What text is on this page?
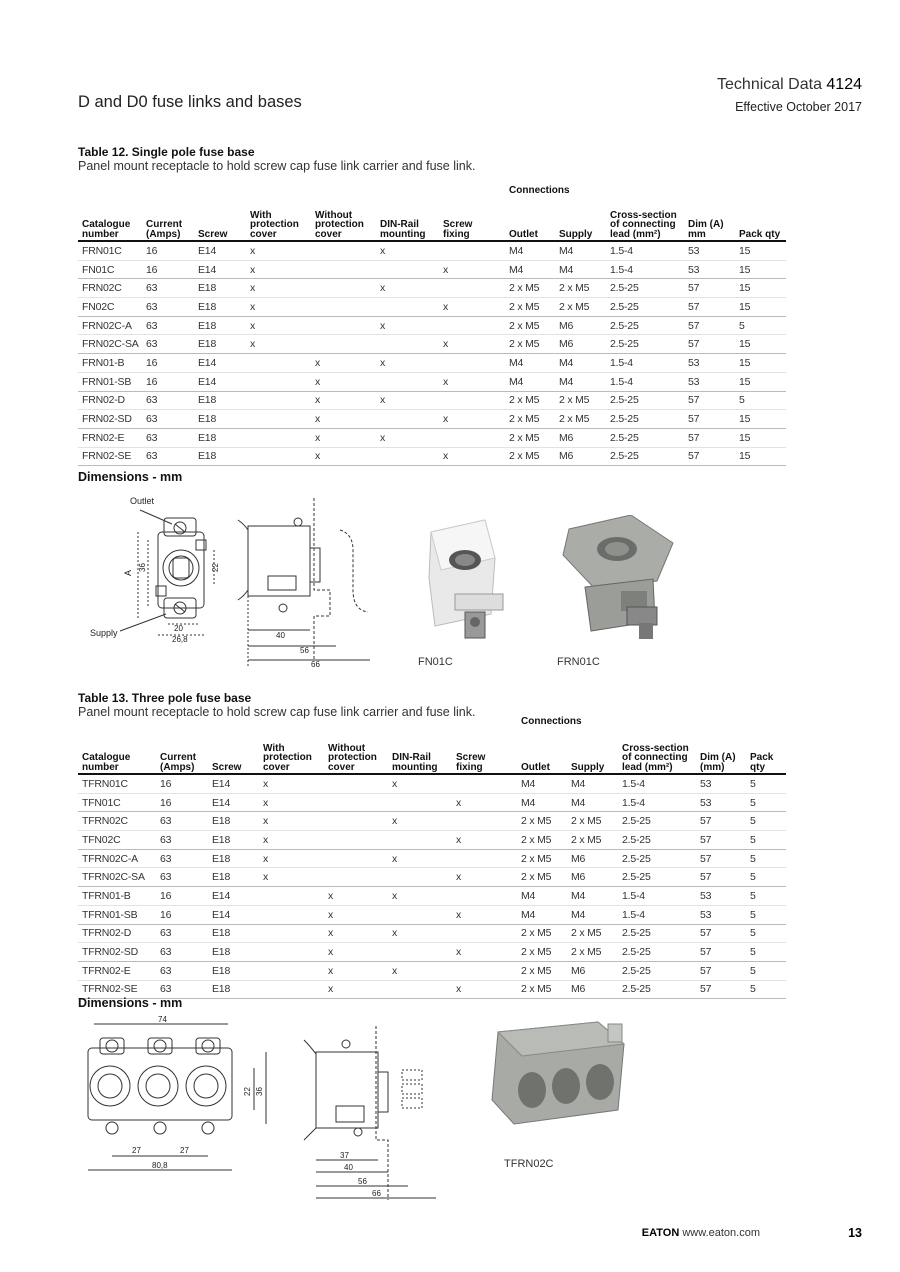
D and D0 fuse links and bases
Technical Data 4124
Effective October 2017
Table 12. Single pole fuse base
Panel mount receptacle to hold screw cap fuse link carrier and fuse link.
							Connections				
Catalogue number	Current (Amps)	Screw	With protection cover	Without protection cover	DIN-Rail mounting	Screw fixing	Outlet	Supply	Cross-section of connecting lead (mm²)	Dim (A) mm	Pack qty
FRN01C	16	E14	x		x		M4	M4	1.5-4	53	15
FN01C	16	E14	x			x	M4	M4	1.5-4	53	15
FRN02C	63	E18	x		x		2 x M5	2 x M5	2.5-25	57	15
FN02C	63	E18	x			x	2 x M5	2 x M5	2.5-25	57	15
FRN02C-A	63	E18	x		x		2 x M5	M6	2.5-25	57	5
FRN02C-SA	63	E18	x			x	2 x M5	M6	2.5-25	57	15
FRN01-B	16	E14		x	x		M4	M4	1.5-4	53	15
FRN01-SB	16	E14		x		x	M4	M4	1.5-4	53	15
FRN02-D	63	E18		x	x		2 x M5	2 x M5	2.5-25	57	5
FRN02-SD	63	E18		x		x	2 x M5	2 x M5	2.5-25	57	15
FRN02-E	63	E18		x	x		2 x M5	M6	2.5-25	57	15
FRN02-SE	63	E18		x		x	2 x M5	M6	2.5-25	57	15
Dimensions - mm
Outlet
Supply
A
36	22
20
26,8	40
56
66	FN01C	FRN01C
Table 13. Three pole fuse base
Panel mount receptacle to hold screw cap fuse link carrier and fuse link.
							Connections				
Catalogue number	Current (Amps)	Screw	With protection cover	Without protection cover	DIN-Rail mounting	Screw fixing	Outlet	Supply	Cross-section of connecting lead (mm²)	Dim (A) (mm)	Pack qty
TFRN01C	16	E14	x		x		M4	M4	1.5-4	53	5
TFN01C	16	E14	x			x	M4	M4	1.5-4	53	5
TFRN02C	63	E18	x		x		2 x M5	2 x M5	2.5-25	57	5
TFN02C	63	E18	x			x	2 x M5	2 x M5	2.5-25	57	5
TFRN02C-A	63	E18	x		x		2 x M5	M6	2.5-25	57	5
TFRN02C-SA	63	E18	x			x	2 x M5	M6	2.5-25	57	5
TFRN01-B	16	E14		x	x		M4	M4	1.5-4	53	5
TFRN01-SB	16	E14		x		x	M4	M4	1.5-4	53	5
TFRN02-D	63	E18		x	x		2 x M5	2 x M5	2.5-25	57	5
TFRN02-SD	63	E18		x		x	2 x M5	2 x M5	2.5-25	57	5
TFRN02-E	63	E18		x	x		2 x M5	M6	2.5-25	57	5
TFRN02-SE	63	E18		x		x	2 x M5	M6	2.5-25	57	5
Dimensions - mm
74
27	27
80,8
22 36
37
40
56
66
TFRN02C
EATON www.eaton.com	13
